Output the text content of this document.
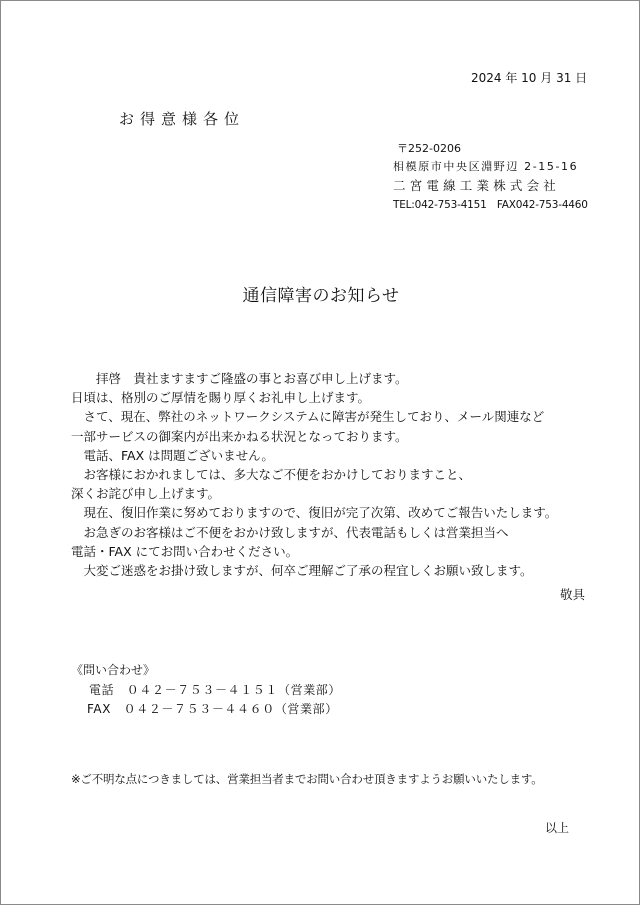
2024 年 10 月 31 日
お得意様各位
〒252-0206
相模原市中央区淵野辺 2-15-16
二宮電線工業株式会社
TEL:042-753-4151　FAX042-753-4460
通信障害のお知らせ
　　拝啓　貴社ますますご隆盛の事とお喜び申し上げます。
日頃は、格別のご厚情を賜り厚くお礼申し上げます。
　さて、現在、弊社のネットワークシステムに障害が発生しており、メール関連など
一部サービスの御案内が出来かねる状況となっております。
　電話、FAX は問題ございません。
　お客様におかれましては、多大なご不便をおかけしておりますこと、
深くお詫び申し上げます。
　現在、復旧作業に努めておりますので、復旧が完了次第、改めてご報告いたします。
　お急ぎのお客様はご不便をおかけ致しますが、代表電話もしくは営業担当へ
電話・FAX にてお問い合わせください。
　大変ご迷惑をお掛け致しますが、何卒ご理解ご了承の程宜しくお願い致します。
敬具
《問い合わせ》
電話　０４２－７５３－４１５１（営業部）
FAX　０４２－７５３－４４６０（営業部）
※ご不明な点につきましては、営業担当者までお問い合わせ頂きますようお願いいたします。
以上
